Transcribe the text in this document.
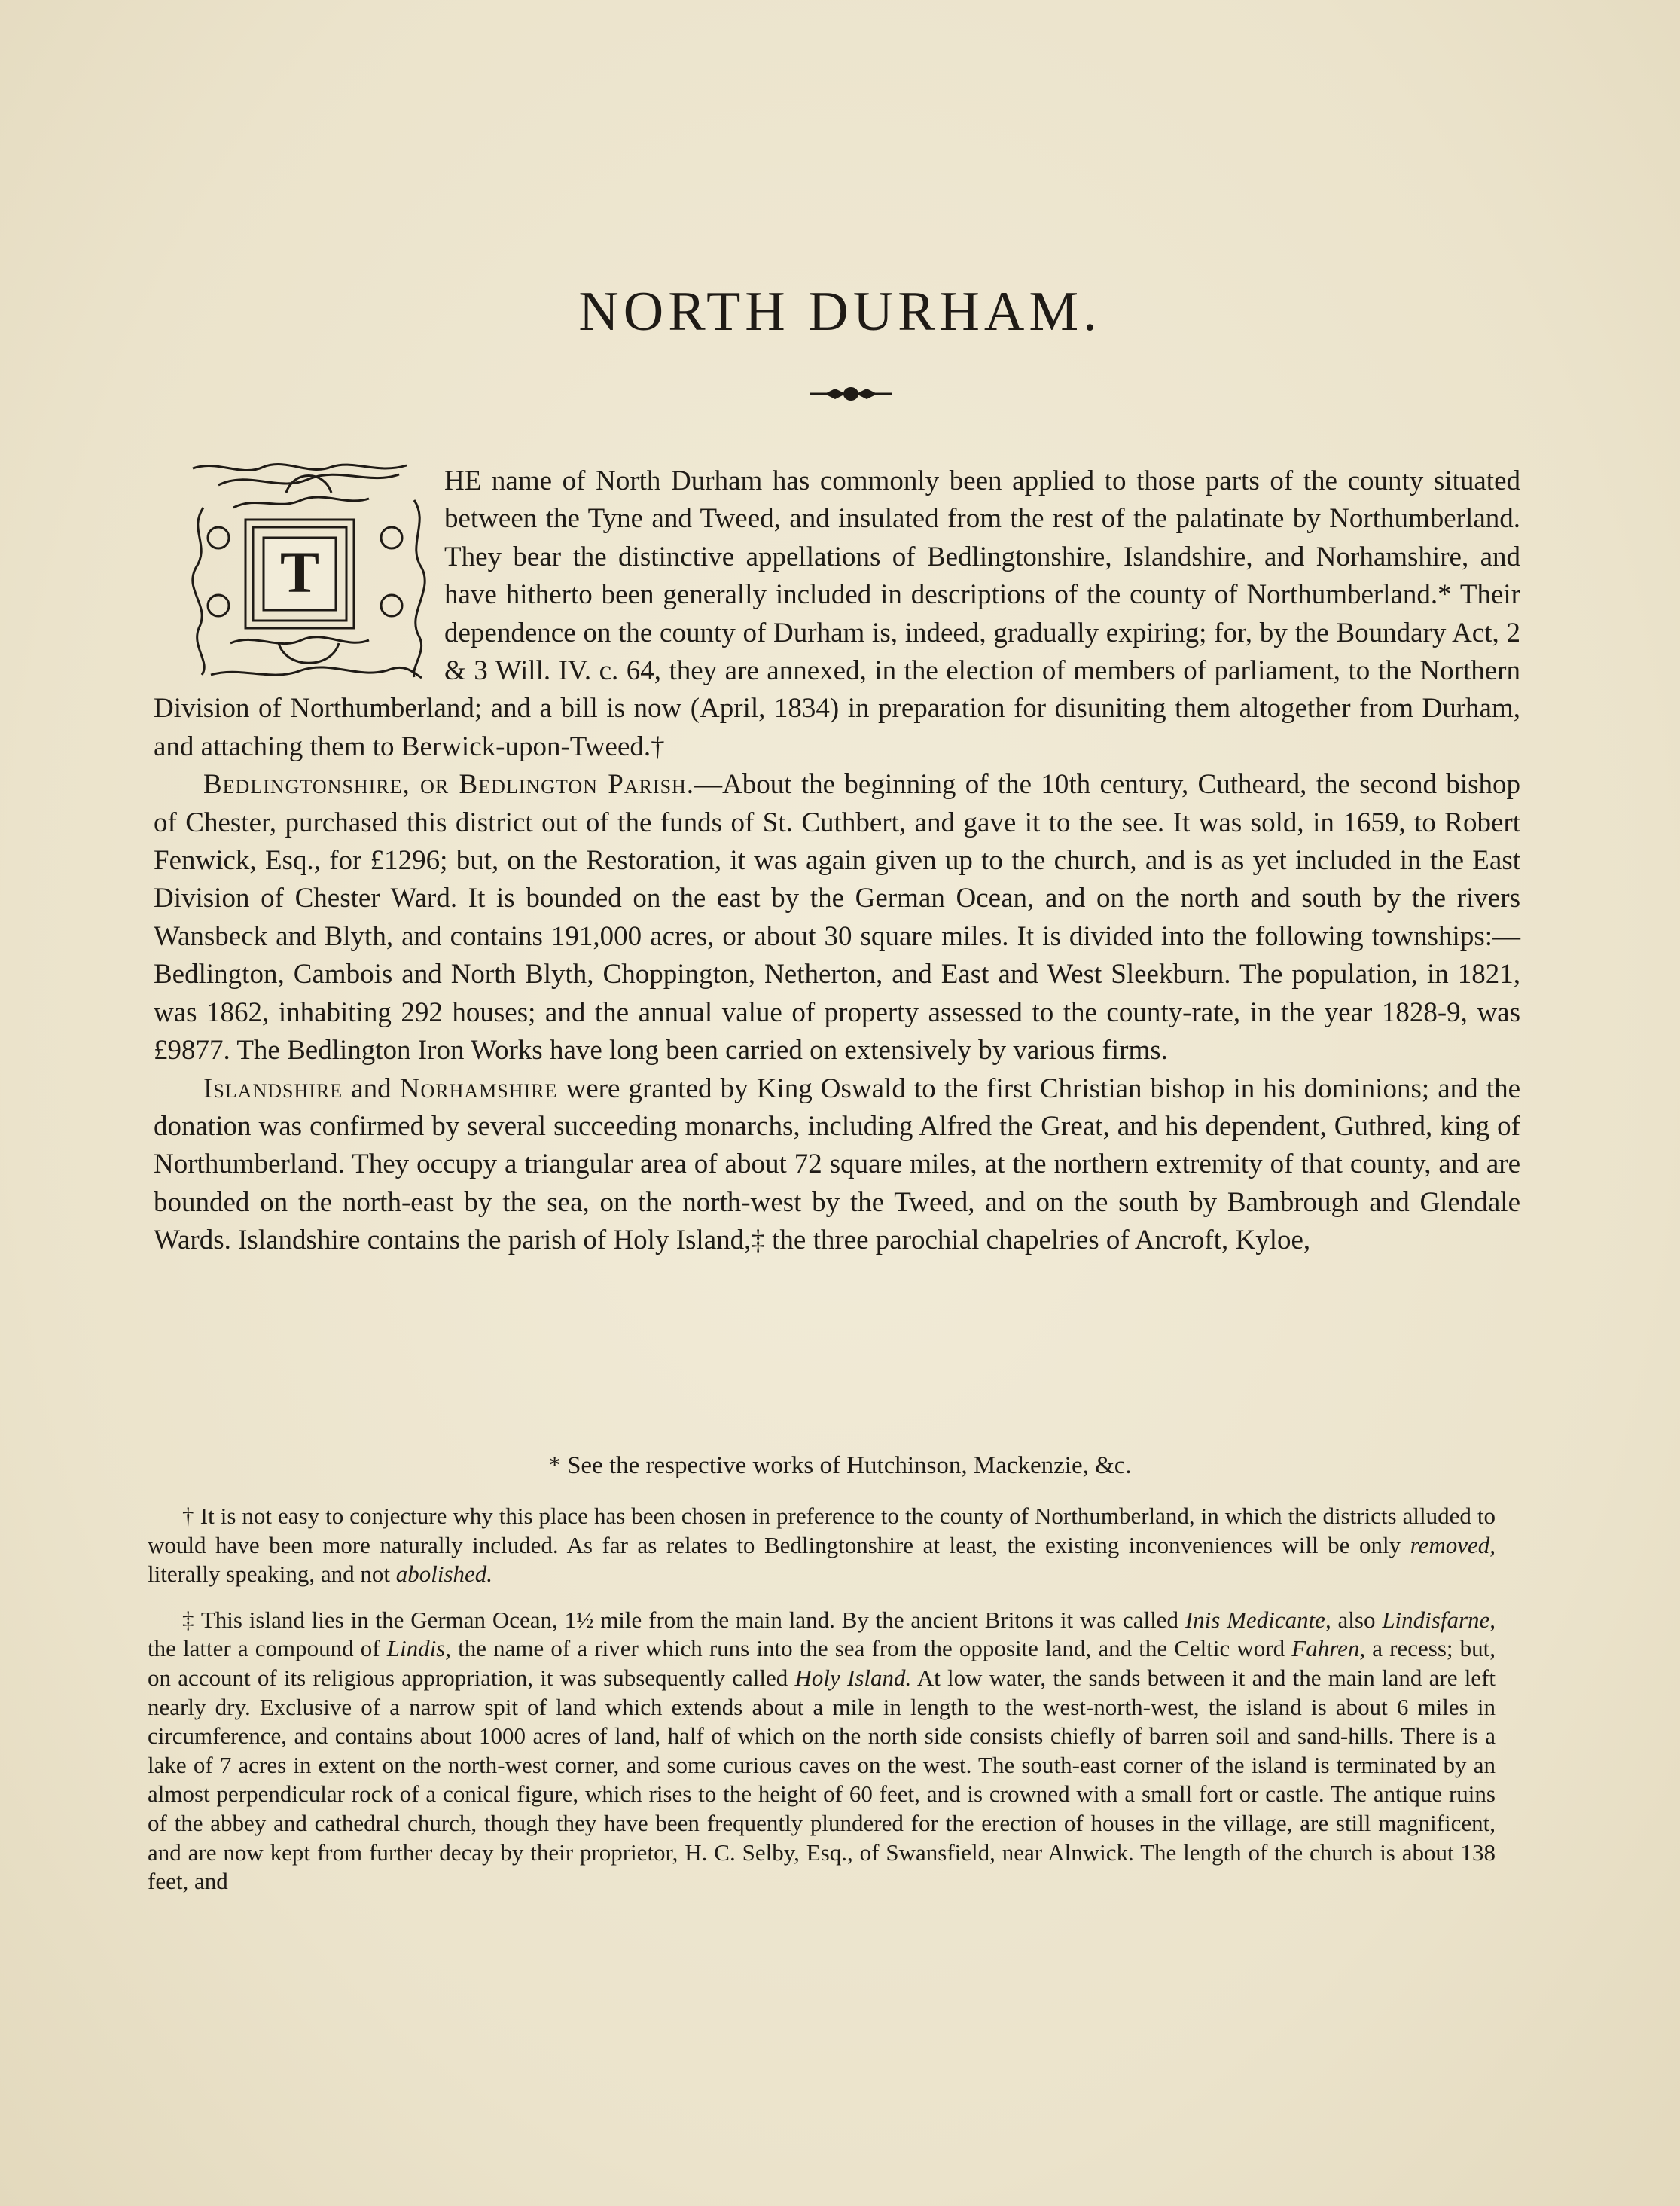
NORTH DURHAM.
T

HE name of North Durham has commonly been applied to those parts of the county situated between the Tyne and Tweed, and insulated from the rest of the palatinate by Northumberland. They bear the distinctive appellations of Bedlingtonshire, Islandshire, and Norhamshire, and have hitherto been generally included in descriptions of the county of Northumberland.* Their dependence on the county of Durham is, indeed, gradually expiring; for, by the Boundary Act, 2 & 3 Will. IV. c. 64, they are annexed, in the election of members of parliament, to the Northern Division of Northumberland; and a bill is now (April, 1834) in preparation for disuniting them altogether from Durham, and attaching them to Berwick-upon-Tweed.†

Bedlingtonshire, or Bedlington Parish.—About the beginning of the 10th century, Cutheard, the second bishop of Chester, purchased this district out of the funds of St. Cuthbert, and gave it to the see. It was sold, in 1659, to Robert Fenwick, Esq., for £1296; but, on the Restoration, it was again given up to the church, and is as yet included in the East Division of Chester Ward. It is bounded on the east by the German Ocean, and on the north and south by the rivers Wansbeck and Blyth, and contains 191,000 acres, or about 30 square miles. It is divided into the following townships:—Bedlington, Cambois and North Blyth, Choppington, Netherton, and East and West Sleekburn. The population, in 1821, was 1862, inhabiting 292 houses; and the annual value of property assessed to the county-rate, in the year 1828-9, was £9877. The Bedlington Iron Works have long been carried on extensively by various firms.

Islandshire and Norhamshire were granted by King Oswald to the first Christian bishop in his dominions; and the donation was confirmed by several succeeding monarchs, including Alfred the Great, and his dependent, Guthred, king of Northumberland. They occupy a triangular area of about 72 square miles, at the northern extremity of that county, and are bounded on the north-east by the sea, on the north-west by the Tweed, and on the south by Bambrough and Glendale Wards. Islandshire contains the parish of Holy Island,‡ the three parochial chapelries of Ancroft, Kyloe,

* See the respective works of Hutchinson, Mackenzie, &c.

† It is not easy to conjecture why this place has been chosen in preference to the county of Northumberland, in which the districts alluded to would have been more naturally included. As far as relates to Bedlingtonshire at least, the existing inconveniences will be only removed, literally speaking, and not abolished.

‡ This island lies in the German Ocean, 1½ mile from the main land. By the ancient Britons it was called Inis Medicante, also Lindisfarne, the latter a compound of Lindis, the name of a river which runs into the sea from the opposite land, and the Celtic word Fahren, a recess; but, on account of its religious appropriation, it was subsequently called Holy Island. At low water, the sands between it and the main land are left nearly dry. Exclusive of a narrow spit of land which extends about a mile in length to the west-north-west, the island is about 6 miles in circumference, and contains about 1000 acres of land, half of which on the north side consists chiefly of barren soil and sand-hills. There is a lake of 7 acres in extent on the north-west corner, and some curious caves on the west. The south-east corner of the island is terminated by an almost perpendicular rock of a conical figure, which rises to the height of 60 feet, and is crowned with a small fort or castle. The antique ruins of the abbey and cathedral church, though they have been frequently plundered for the erection of houses in the village, are still magnificent, and are now kept from further decay by their proprietor, H. C. Selby, Esq., of Swansfield, near Alnwick. The length of the church is about 138 feet, and
